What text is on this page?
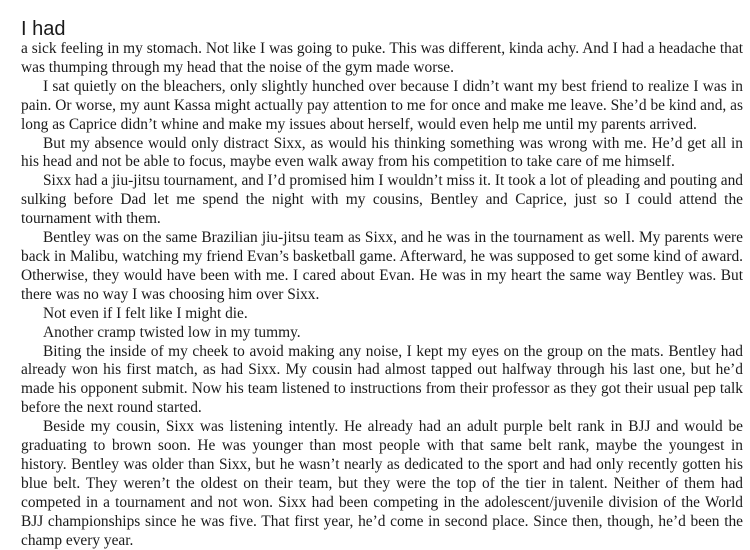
I had

a sick feeling in my stomach. Not like I was going to puke. This was different, kinda achy. And I had a headache that was thumping through my head that the noise of the gym made worse.

I sat quietly on the bleachers, only slightly hunched over because I didn’t want my best friend to realize I was in pain. Or worse, my aunt Kassa might actually pay attention to me for once and make me leave. She’d be kind and, as long as Caprice didn’t whine and make my issues about herself, would even help me until my parents arrived.

But my absence would only distract Sixx, as would his thinking something was wrong with me. He’d get all in his head and not be able to focus, maybe even walk away from his competition to take care of me himself.

Sixx had a jiu-jitsu tournament, and I’d promised him I wouldn’t miss it. It took a lot of pleading and pouting and sulking before Dad let me spend the night with my cousins, Bentley and Caprice, just so I could attend the tournament with them.

Bentley was on the same Brazilian jiu-jitsu team as Sixx, and he was in the tournament as well. My parents were back in Malibu, watching my friend Evan’s basketball game. Afterward, he was supposed to get some kind of award. Otherwise, they would have been with me. I cared about Evan. He was in my heart the same way Bentley was. But there was no way I was choosing him over Sixx.

Not even if I felt like I might die.

Another cramp twisted low in my tummy.

Biting the inside of my cheek to avoid making any noise, I kept my eyes on the group on the mats. Bentley had already won his first match, as had Sixx. My cousin had almost tapped out halfway through his last one, but he’d made his opponent submit. Now his team listened to instructions from their professor as they got their usual pep talk before the next round started.

Beside my cousin, Sixx was listening intently. He already had an adult purple belt rank in BJJ and would be graduating to brown soon. He was younger than most people with that same belt rank, maybe the youngest in history. Bentley was older than Sixx, but he wasn’t nearly as dedicated to the sport and had only recently gotten his blue belt. They weren’t the oldest on their team, but they were the top of the tier in talent. Neither of them had competed in a tournament and not won. Sixx had been competing in the adolescent/juvenile division of the World BJJ championships since he was five. That first year, he’d come in second place. Since then, though, he’d been the champ every year.
